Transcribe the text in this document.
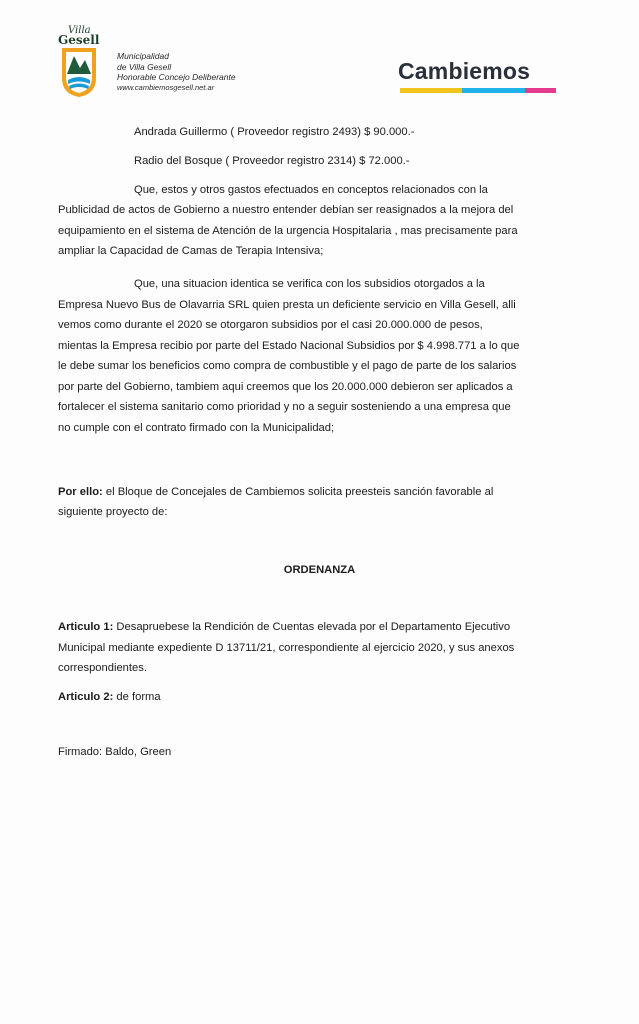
Villa
Gesell
Municipalidad
de Villa Gesell
Honorable Concejo Deliberante
www.cambiemosgesell.net.ar
Cambiemos
Andrada Guillermo ( Proveedor registro 2493) $ 90.000.-
Radio del Bosque ( Proveedor registro 2314) $ 72.000.-
Que, estos y otros gastos efectuados en conceptos relacionados con la
Publicidad de actos de Gobierno a nuestro entender debían ser reasignados a la mejora del
equipamiento en el sistema de Atención de la urgencia Hospitalaria , mas precisamente para
ampliar la Capacidad de Camas de Terapia Intensiva;
Que, una situacion identica se verifica con los subsidios otorgados a la
Empresa Nuevo Bus de Olavarria SRL quien presta un deficiente servicio en Villa Gesell, alli
vemos como durante el 2020 se otorgaron subsidios por el casi 20.000.000 de pesos,
mientas la Empresa recibio por parte del Estado Nacional Subsidios por $ 4.998.771 a lo que
le debe sumar los beneficios como compra de combustible y el pago de parte de los salarios
por parte del Gobierno, tambiem aqui creemos que los 20.000.000 debieron ser aplicados a
fortalecer el sistema sanitario como prioridad y no a seguir sosteniendo a una empresa que
no cumple con el contrato firmado con la Municipalidad;
Por ello: el Bloque de Concejales de Cambiemos solicita preesteis sanción favorable al
siguiente proyecto de:
ORDENANZA
Articulo 1: Desapruebese la Rendición de Cuentas elevada por el Departamento Ejecutivo
Municipal mediante expediente D 13711/21, correspondiente al ejercicio 2020, y sus anexos
correspondientes.
Articulo 2: de forma
Firmado: Baldo, Green
